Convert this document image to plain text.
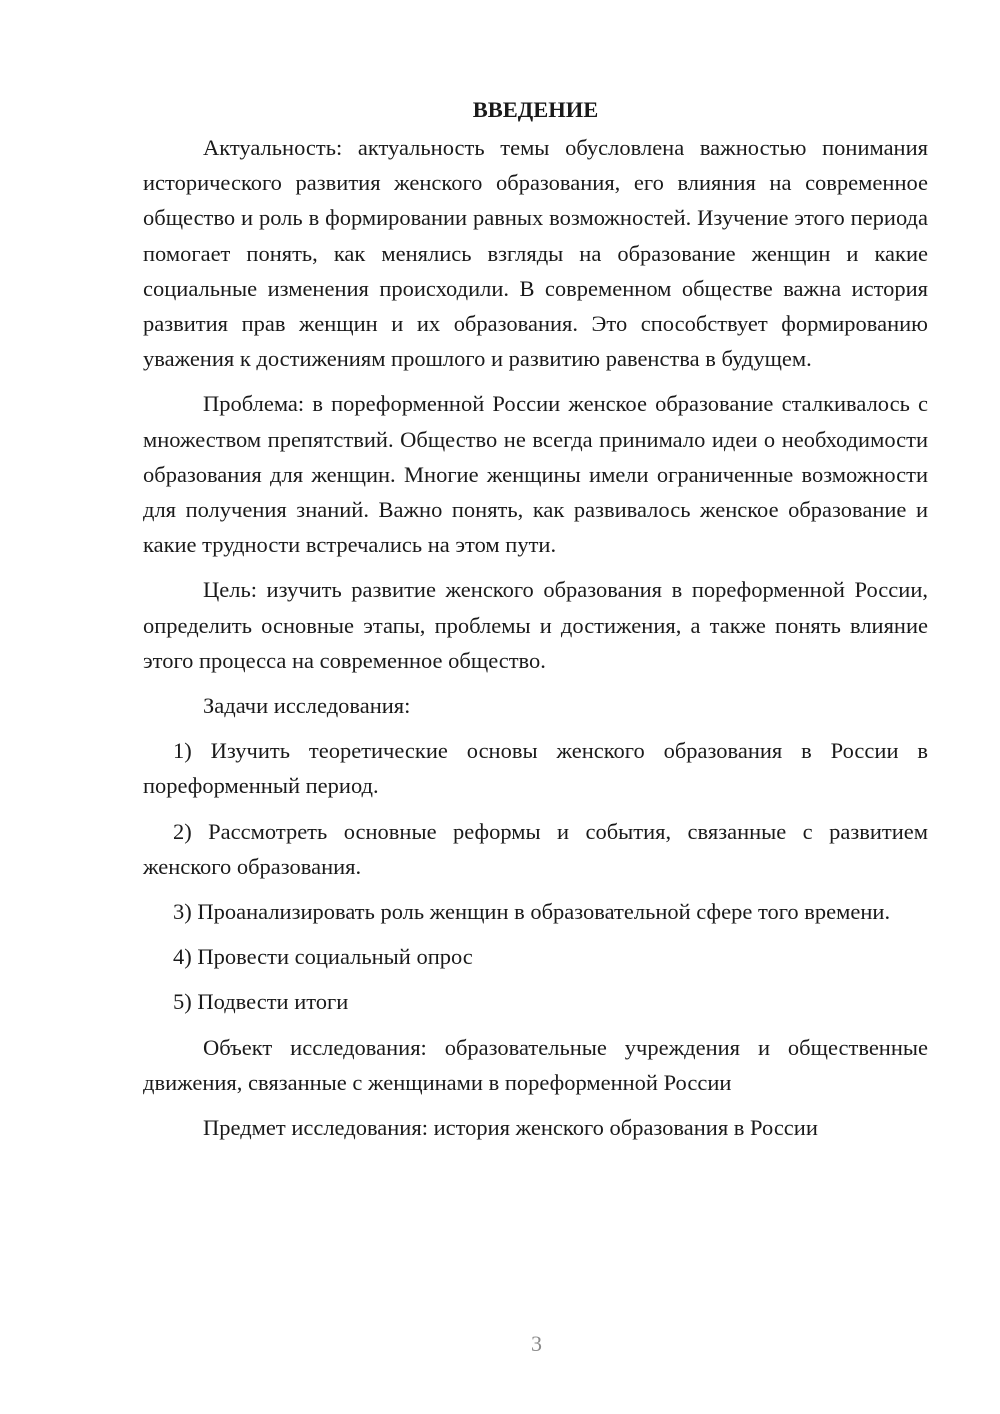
ВВЕДЕНИЕ

Актуальность: актуальность темы обусловлена важностью понимания исторического развития женского образования, его влияния на современное общество и роль в формировании равных возможностей. Изучение этого периода помогает понять, как менялись взгляды на образование женщин и какие социальные изменения происходили. В современном обществе важна история развития прав женщин и их образования. Это способствует формированию уважения к достижениям прошлого и развитию равенства в будущем.

Проблема: в пореформенной России женское образование сталкивалось с множеством препятствий. Общество не всегда принимало идеи о необходимости образования для женщин. Многие женщины имели ограниченные возможности для получения знаний. Важно понять, как развивалось женское образование и какие трудности встречались на этом пути.

Цель: изучить развитие женского образования в пореформенной России, определить основные этапы, проблемы и достижения, а также понять влияние этого процесса на современное общество.

Задачи исследования:

1) Изучить теоретические основы женского образования в России в пореформенный период.

2) Рассмотреть основные реформы и события, связанные с развитием женского образования.

3) Проанализировать роль женщин в образовательной сфере того времени.

4) Провести социальный опрос

5) Подвести итоги

Объект исследования: образовательные учреждения и общественные движения, связанные с женщинами в пореформенной России

Предмет исследования: история женского образования в России

3
